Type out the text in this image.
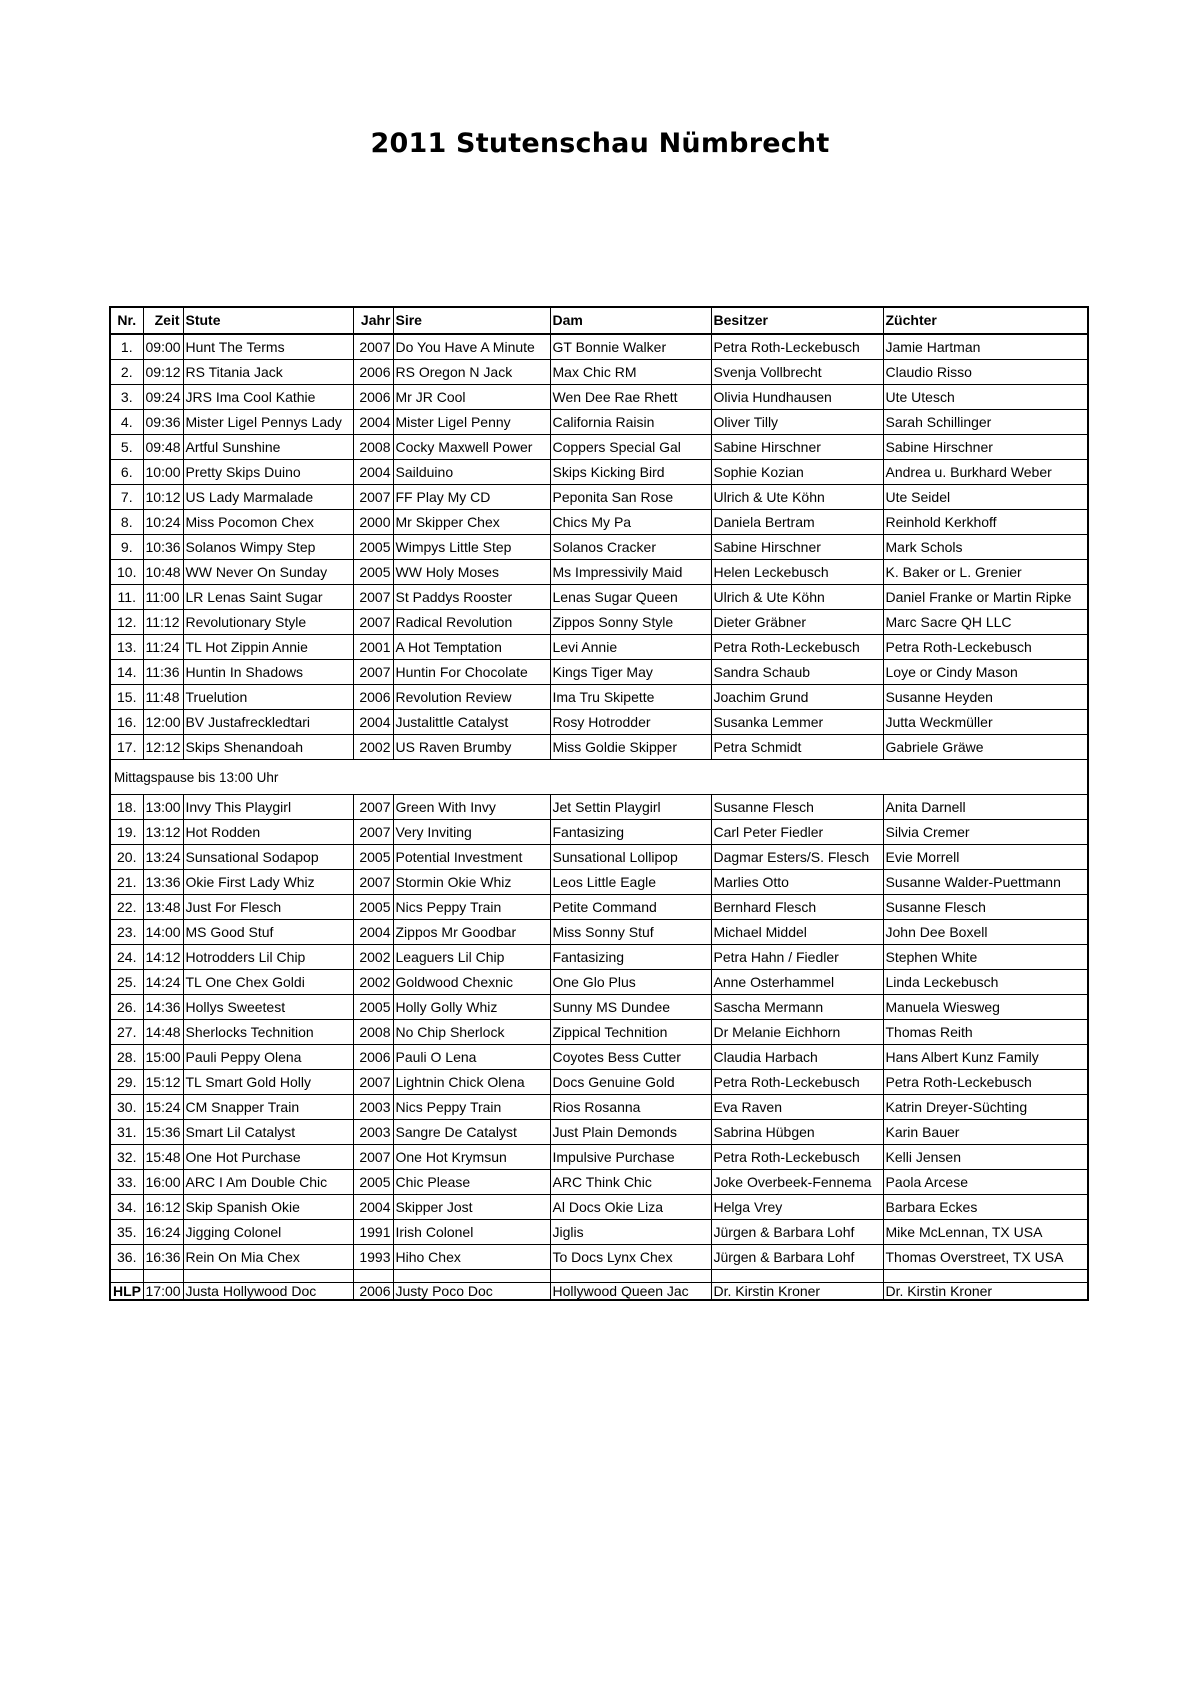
2011 Stutenschau Nümbrecht
Nr.	Zeit	Stute	Jahr	Sire	Dam	Besitzer	Züchter
1.	09:00	Hunt The Terms	2007	Do You Have A Minute	GT Bonnie Walker	Petra Roth-Leckebusch	Jamie Hartman
2.	09:12	RS Titania Jack	2006	RS Oregon N Jack	Max Chic RM	Svenja Vollbrecht	Claudio Risso
3.	09:24	JRS Ima Cool Kathie	2006	Mr JR Cool	Wen Dee Rae Rhett	Olivia Hundhausen	Ute Utesch
4.	09:36	Mister Ligel Pennys Lady	2004	Mister Ligel Penny	California Raisin	Oliver Tilly	Sarah Schillinger
5.	09:48	Artful Sunshine	2008	Cocky Maxwell Power	Coppers Special Gal	Sabine Hirschner	Sabine Hirschner
6.	10:00	Pretty Skips Duino	2004	Sailduino	Skips Kicking Bird	Sophie Kozian	Andrea u. Burkhard Weber
7.	10:12	US Lady Marmalade	2007	FF Play My CD	Peponita San Rose	Ulrich & Ute Köhn	Ute Seidel
8.	10:24	Miss Pocomon Chex	2000	Mr Skipper Chex	Chics My Pa	Daniela Bertram	Reinhold Kerkhoff
9.	10:36	Solanos Wimpy Step	2005	Wimpys Little Step	Solanos Cracker	Sabine Hirschner	Mark Schols
10.	10:48	WW Never On Sunday	2005	WW Holy Moses	Ms Impressivily Maid	Helen Leckebusch	K. Baker or L. Grenier
11.	11:00	LR Lenas Saint Sugar	2007	St Paddys Rooster	Lenas Sugar Queen	Ulrich & Ute Köhn	Daniel Franke or Martin Ripke
12.	11:12	Revolutionary Style	2007	Radical Revolution	Zippos Sonny Style	Dieter Gräbner	Marc Sacre QH LLC
13.	11:24	TL Hot Zippin Annie	2001	A Hot Temptation	Levi Annie	Petra Roth-Leckebusch	Petra Roth-Leckebusch
14.	11:36	Huntin In Shadows	2007	Huntin For Chocolate	Kings Tiger May	Sandra Schaub	Loye or Cindy Mason
15.	11:48	Truelution	2006	Revolution Review	Ima Tru Skipette	Joachim Grund	Susanne Heyden
16.	12:00	BV Justafreckledtari	2004	Justalittle Catalyst	Rosy Hotrodder	Susanka Lemmer	Jutta Weckmüller
17.	12:12	Skips Shenandoah	2002	US Raven Brumby	Miss Goldie Skipper	Petra Schmidt	Gabriele Gräwe
Mittagspause bis 13:00 Uhr							
18.	13:00	Invy This Playgirl	2007	Green With Invy	Jet Settin Playgirl	Susanne Flesch	Anita Darnell
19.	13:12	Hot Rodden	2007	Very Inviting	Fantasizing	Carl Peter Fiedler	Silvia Cremer
20.	13:24	Sunsational Sodapop	2005	Potential Investment	Sunsational Lollipop	Dagmar Esters/S. Flesch	Evie Morrell
21.	13:36	Okie First Lady Whiz	2007	Stormin Okie Whiz	Leos Little Eagle	Marlies Otto	Susanne Walder-Puettmann
22.	13:48	Just For Flesch	2005	Nics Peppy Train	Petite Command	Bernhard Flesch	Susanne Flesch
23.	14:00	MS Good Stuf	2004	Zippos Mr Goodbar	Miss Sonny Stuf	Michael Middel	John Dee Boxell
24.	14:12	Hotrodders Lil Chip	2002	Leaguers Lil Chip	Fantasizing	Petra Hahn / Fiedler	Stephen White
25.	14:24	TL One Chex Goldi	2002	Goldwood Chexnic	One Glo Plus	Anne Osterhammel	Linda Leckebusch
26.	14:36	Hollys Sweetest	2005	Holly Golly Whiz	Sunny MS Dundee	Sascha Mermann	Manuela Wiesweg
27.	14:48	Sherlocks Technition	2008	No Chip Sherlock	Zippical Technition	Dr Melanie Eichhorn	Thomas Reith
28.	15:00	Pauli Peppy Olena	2006	Pauli O Lena	Coyotes Bess Cutter	Claudia Harbach	Hans Albert Kunz Family
29.	15:12	TL Smart Gold Holly	2007	Lightnin Chick Olena	Docs Genuine Gold	Petra Roth-Leckebusch	Petra Roth-Leckebusch
30.	15:24	CM Snapper Train	2003	Nics Peppy Train	Rios Rosanna	Eva Raven	Katrin Dreyer-Süchting
31.	15:36	Smart Lil Catalyst	2003	Sangre De Catalyst	Just Plain Demonds	Sabrina Hübgen	Karin Bauer
32.	15:48	One Hot Purchase	2007	One Hot Krymsun	Impulsive Purchase	Petra Roth-Leckebusch	Kelli Jensen
33.	16:00	ARC I Am Double Chic	2005	Chic Please	ARC Think Chic	Joke Overbeek-Fennema	Paola Arcese
34.	16:12	Skip Spanish Okie	2004	Skipper Jost	Al Docs Okie Liza	Helga Vrey	Barbara Eckes
35.	16:24	Jigging Colonel	1991	Irish Colonel	Jiglis	Jürgen & Barbara Lohf	Mike McLennan, TX USA
36.	16:36	Rein On Mia Chex	1993	Hiho Chex	To Docs Lynx Chex	Jürgen & Barbara Lohf	Thomas Overstreet, TX USA

HLP	17:00	Justa Hollywood Doc	2006	Justy Poco Doc	Hollywood Queen Jac	Dr. Kirstin Kroner	Dr. Kirstin Kroner
